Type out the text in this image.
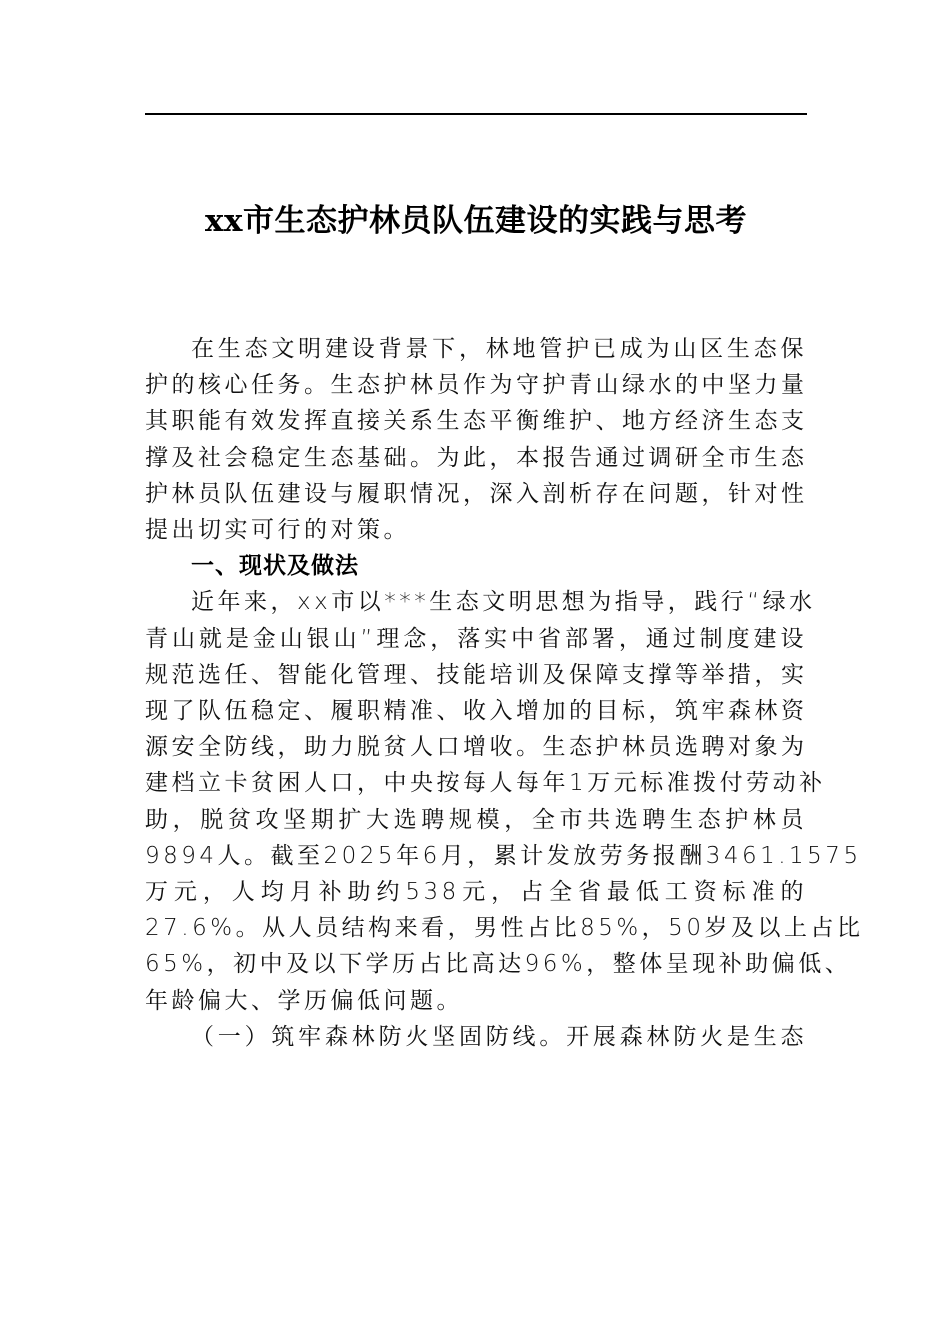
xx市生态护林员队伍建设的实践与思考
在生态文明建设背景下，林地管护已成为山区生态保
护的核心任务。生态护林员作为守护青山绿水的中坚力量
其职能有效发挥直接关系生态平衡维护、地方经济生态支
撑及社会稳定生态基础。为此，本报告通过调研全市生态
护林员队伍建设与履职情况，深入剖析存在问题，针对性
提出切实可行的对策。
一、现状及做法
近年来，xx市以***生态文明思想为指导，践行“绿水
青山就是金山银山”理念，落实中省部署，通过制度建设
规范选任、智能化管理、技能培训及保障支撑等举措，实
现了队伍稳定、履职精准、收入增加的目标，筑牢森林资
源安全防线，助力脱贫人口增收。生态护林员选聘对象为
建档立卡贫困人口，中央按每人每年1万元标准拨付劳动补
助，脱贫攻坚期扩大选聘规模，全市共选聘生态护林员
9894人。截至2025年6月，累计发放劳务报酬3461.1575
万元，人均月补助约538元，占全省最低工资标准的
27.6%。从人员结构来看，男性占比85%，50岁及以上占比
65%，初中及以下学历占比高达96%，整体呈现补助偏低、
年龄偏大、学历偏低问题。
（一）筑牢森林防火坚固防线。开展森林防火是生态
